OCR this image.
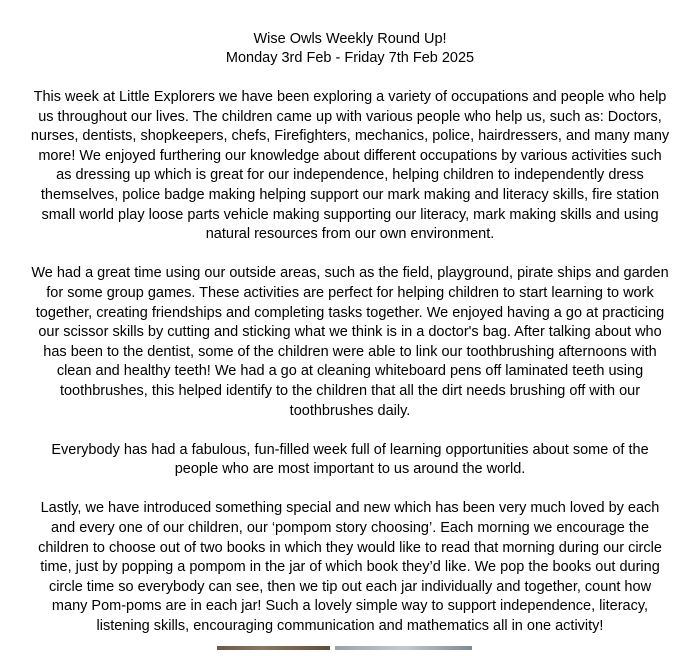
Wise Owls Weekly Round Up!
Monday 3rd Feb - Friday 7th Feb 2025

This week at Little Explorers we have been exploring a variety of occupations and people who help us throughout our lives. The children came up with various people who help us, such as: Doctors, nurses, dentists, shopkeepers, chefs, Firefighters, mechanics, police, hairdressers, and many many more! We enjoyed furthering our knowledge about different occupations by various activities such as dressing up which is great for our independence, helping children to independently dress themselves, police badge making helping support our mark making and literacy skills, fire station small world play loose parts vehicle making supporting our literacy, mark making skills and using natural resources from our own environment.

We had a great time using our outside areas, such as the field, playground, pirate ships and garden for some group games. These activities are perfect for helping children to start learning to work together, creating friendships and completing tasks together. We enjoyed having a go at practicing our scissor skills by cutting and sticking what we think is in a doctor's bag. After talking about who has been to the dentist, some of the children were able to link our toothbrushing afternoons with clean and healthy teeth! We had a go at cleaning whiteboard pens off laminated teeth using toothbrushes, this helped identify to the children that all the dirt needs brushing off with our toothbrushes daily.

Everybody has had a fabulous, fun-filled week full of learning opportunities about some of the people who are most important to us around the world.

Lastly, we have introduced something special and new which has been very much loved by each and every one of our children, our ‘pompom story choosing’. Each morning we encourage the children to choose out of two books in which they would like to read that morning during our circle time, just by popping a pompom in the jar of which book they’d like. We pop the books out during circle time so everybody can see, then we tip out each jar individually and together, count how many Pom-poms are in each jar! Such a lovely simple way to support independence, literacy, listening skills, encouraging communication and mathematics all in one activity!
